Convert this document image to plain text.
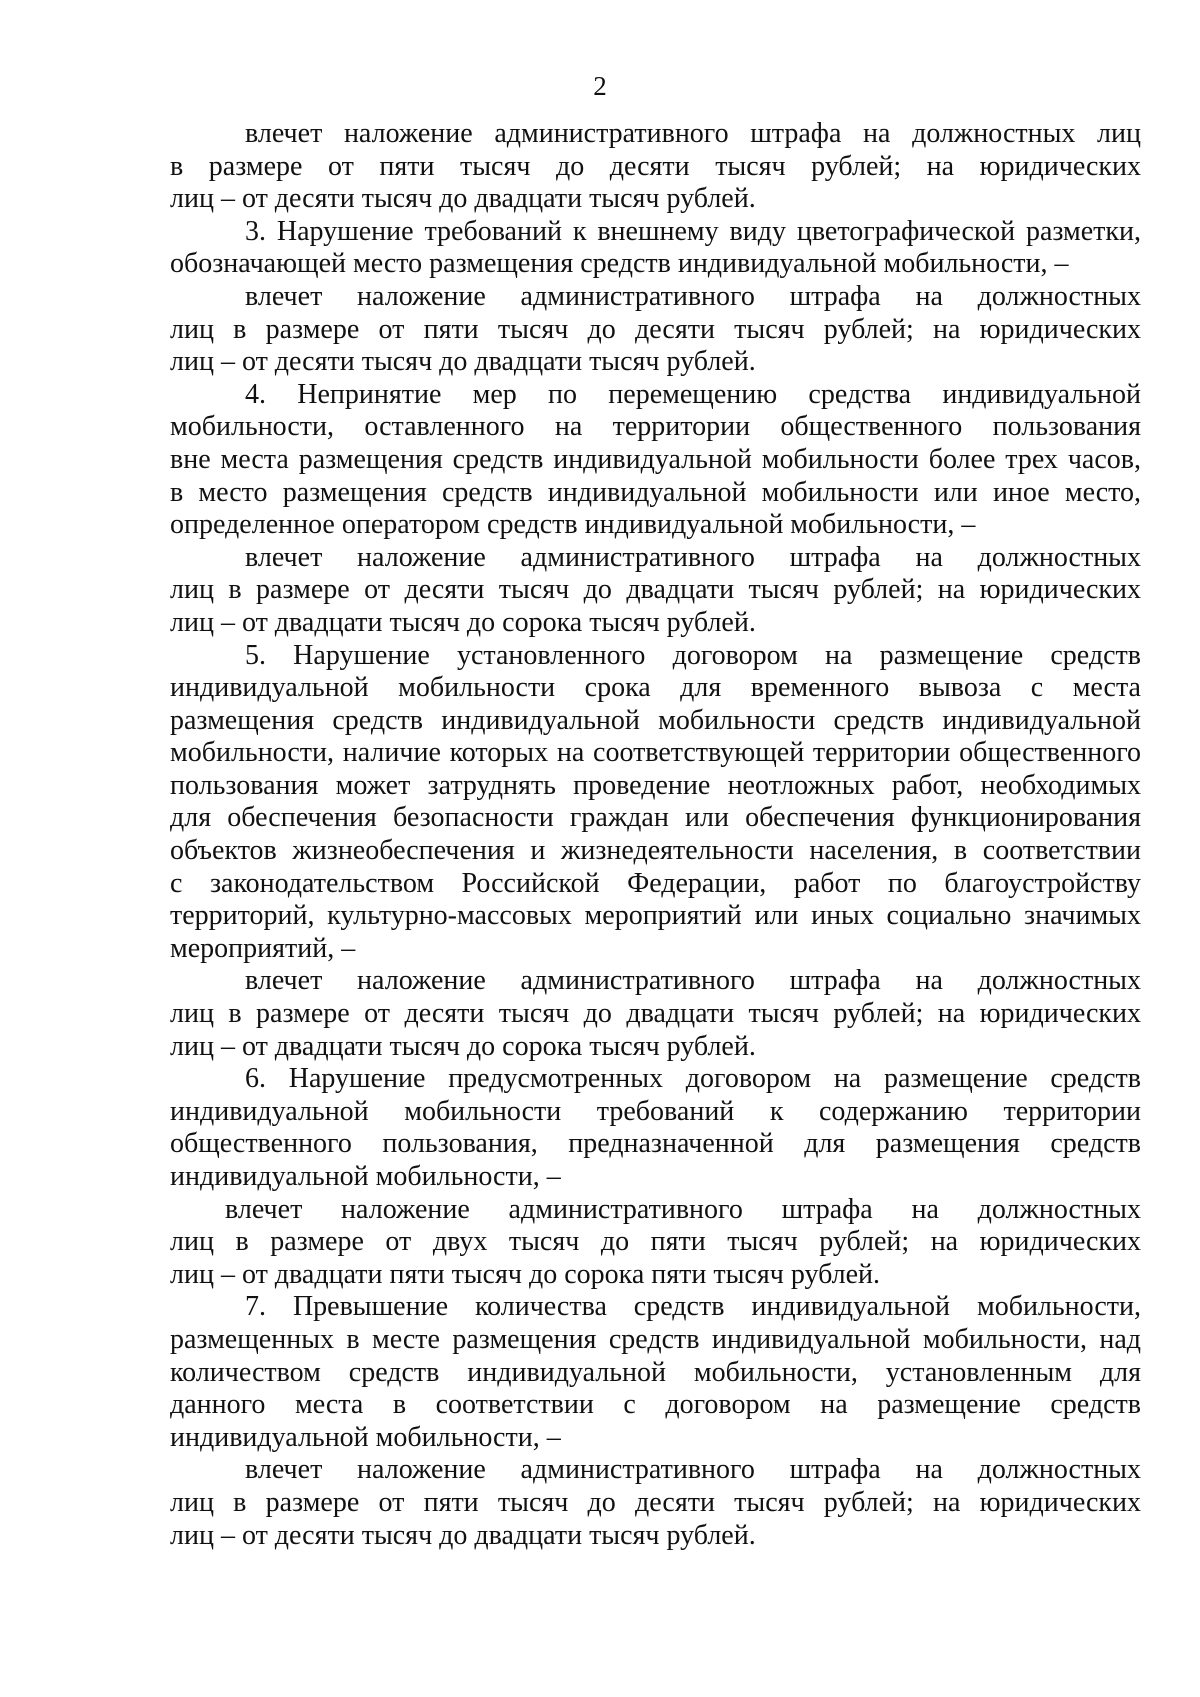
2
влечет наложение административного штрафа на должностных лиц
в размере от пяти тысяч до десяти тысяч рублей; на юридических
лиц – от десяти тысяч до двадцати тысяч рублей.
3. Нарушение требований к внешнему виду цветографической разметки,
обозначающей место размещения средств индивидуальной мобильности, –
влечет наложение административного штрафа на должностных
лиц в размере от пяти тысяч до десяти тысяч рублей; на юридических
лиц – от десяти тысяч до двадцати тысяч рублей.
4. Непринятие мер по перемещению средства индивидуальной
мобильности, оставленного на территории общественного пользования
вне места размещения средств индивидуальной мобильности более трех часов,
в место размещения средств индивидуальной мобильности или иное место,
определенное оператором средств индивидуальной мобильности, –
влечет наложение административного штрафа на должностных
лиц в размере от десяти тысяч до двадцати тысяч рублей; на юридических
лиц – от двадцати тысяч до сорока тысяч рублей.
5. Нарушение установленного договором на размещение средств
индивидуальной мобильности срока для временного вывоза с места
размещения средств индивидуальной мобильности средств индивидуальной
мобильности, наличие которых на соответствующей территории общественного
пользования может затруднять проведение неотложных работ, необходимых
для обеспечения безопасности граждан или обеспечения функционирования
объектов жизнеобеспечения и жизнедеятельности населения, в соответствии
с законодательством Российской Федерации, работ по благоустройству
территорий, культурно-массовых мероприятий или иных социально значимых
мероприятий, –
влечет наложение административного штрафа на должностных
лиц в размере от десяти тысяч до двадцати тысяч рублей; на юридических
лиц – от двадцати тысяч до сорока тысяч рублей.
6. Нарушение предусмотренных договором на размещение средств
индивидуальной мобильности требований к содержанию территории
общественного пользования, предназначенной для размещения средств
индивидуальной мобильности, –
влечет наложение административного штрафа на должностных
лиц в размере от двух тысяч до пяти тысяч рублей; на юридических
лиц – от двадцати пяти тысяч до сорока пяти тысяч рублей.
7. Превышение количества средств индивидуальной мобильности,
размещенных в месте размещения средств индивидуальной мобильности, над
количеством средств индивидуальной мобильности, установленным для
данного места в соответствии с договором на размещение средств
индивидуальной мобильности, –
влечет наложение административного штрафа на должностных
лиц в размере от пяти тысяч до десяти тысяч рублей; на юридических
лиц – от десяти тысяч до двадцати тысяч рублей.
